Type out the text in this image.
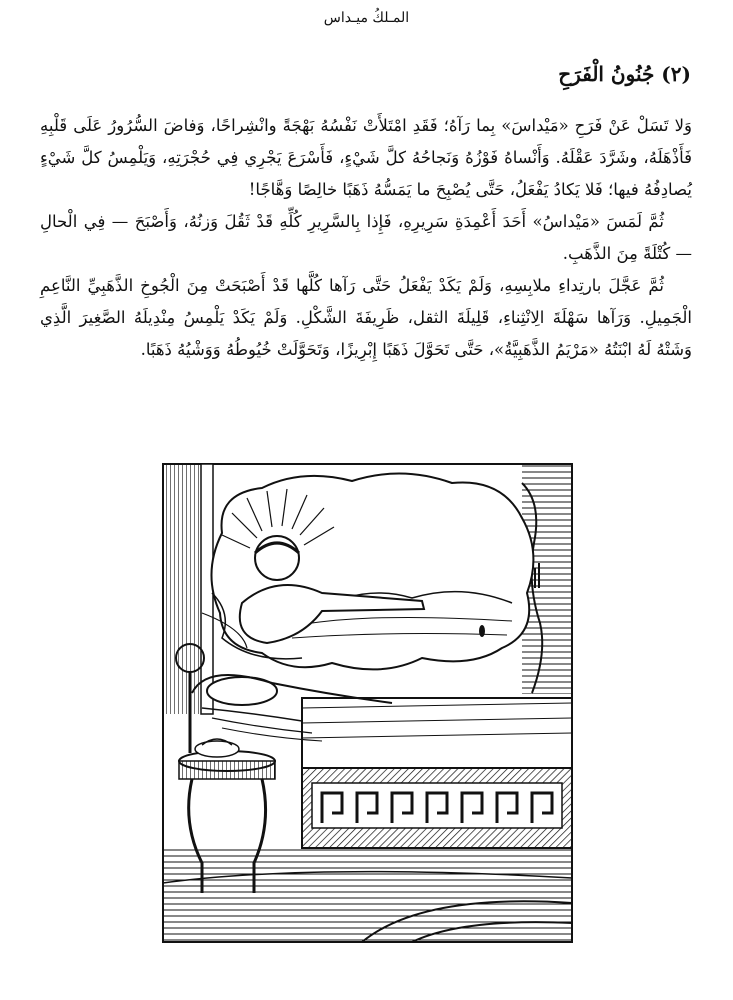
المـلكُ ميـداس
(٢) جُنُونُ الْفَرَحِ

وَلا تَسَلْ عَنْ فَرَحِ «مَيْداسَ» بِما رَآهُ؛ فَقَدِ امْتَلأَتْ نَفْسُهُ بَهْجَةً وانْشِراحًا، وَفاضَ السُّرُورُ عَلَى قَلْبِهِ فَأَذْهَلَهُ، وشَرَّدَ عَقْلَهُ. وَأَنْساهُ فَوْزُهُ وَنَجاحُهُ كلَّ شَيْءٍ، فَأَسْرَعَ يَجْرِي فِي حُجْرَتِهِ، وَيَلْمِسُ كلَّ شَيْءٍ يُصادِفُهُ فيها؛ فَلا يَكادُ يَفْعَلُ، حَتَّى يُصْبِحَ ما يَمَسُّهُ ذَهَبًا خالِصًا وَهَّاجًا!

ثُمَّ لَمَسَ «مَيْداسُ» أَحَدَ أَعْمِدَةِ سَرِيرِهِ، فَإِذا بِالسَّرِيرِ كُلِّهِ قَدْ ثَقُلَ وَزنُهُ، وَأَصْبَحَ — فِي الْحالِ — كُتْلَةً مِنَ الذَّهَبِ.

ثُمَّ عَجَّلَ بارتِداءِ ملابِسِهِ، وَلَمْ يَكَدْ يَفْعَلُ حَتَّى رَآها كُلَّها قَدْ أَصْبَحَتْ مِنَ الْجُوخِ الذَّهَبِيِّ النَّاعِمِ الْجَمِيلِ. وَرَآها سَهْلَةَ الِانْثِناءِ، قَلِيلَةَ الثقل، ظَرِيفَةَ الشَّكْلِ. وَلَمْ يَكَدْ يَلْمِسُ مِنْدِيلَهُ الصَّغِيرَ الَّذِي وَشَتْهُ لَهُ ابْنَتُهُ «مَرْيَمُ الذَّهَبِيَّةُ»، حَتَّى تَحَوَّلَ ذَهَبًا إِبْرِيزًا، وَتَحَوَّلَتْ خُيُوطُهُ وَوَشْيُهُ ذَهَبًا.
